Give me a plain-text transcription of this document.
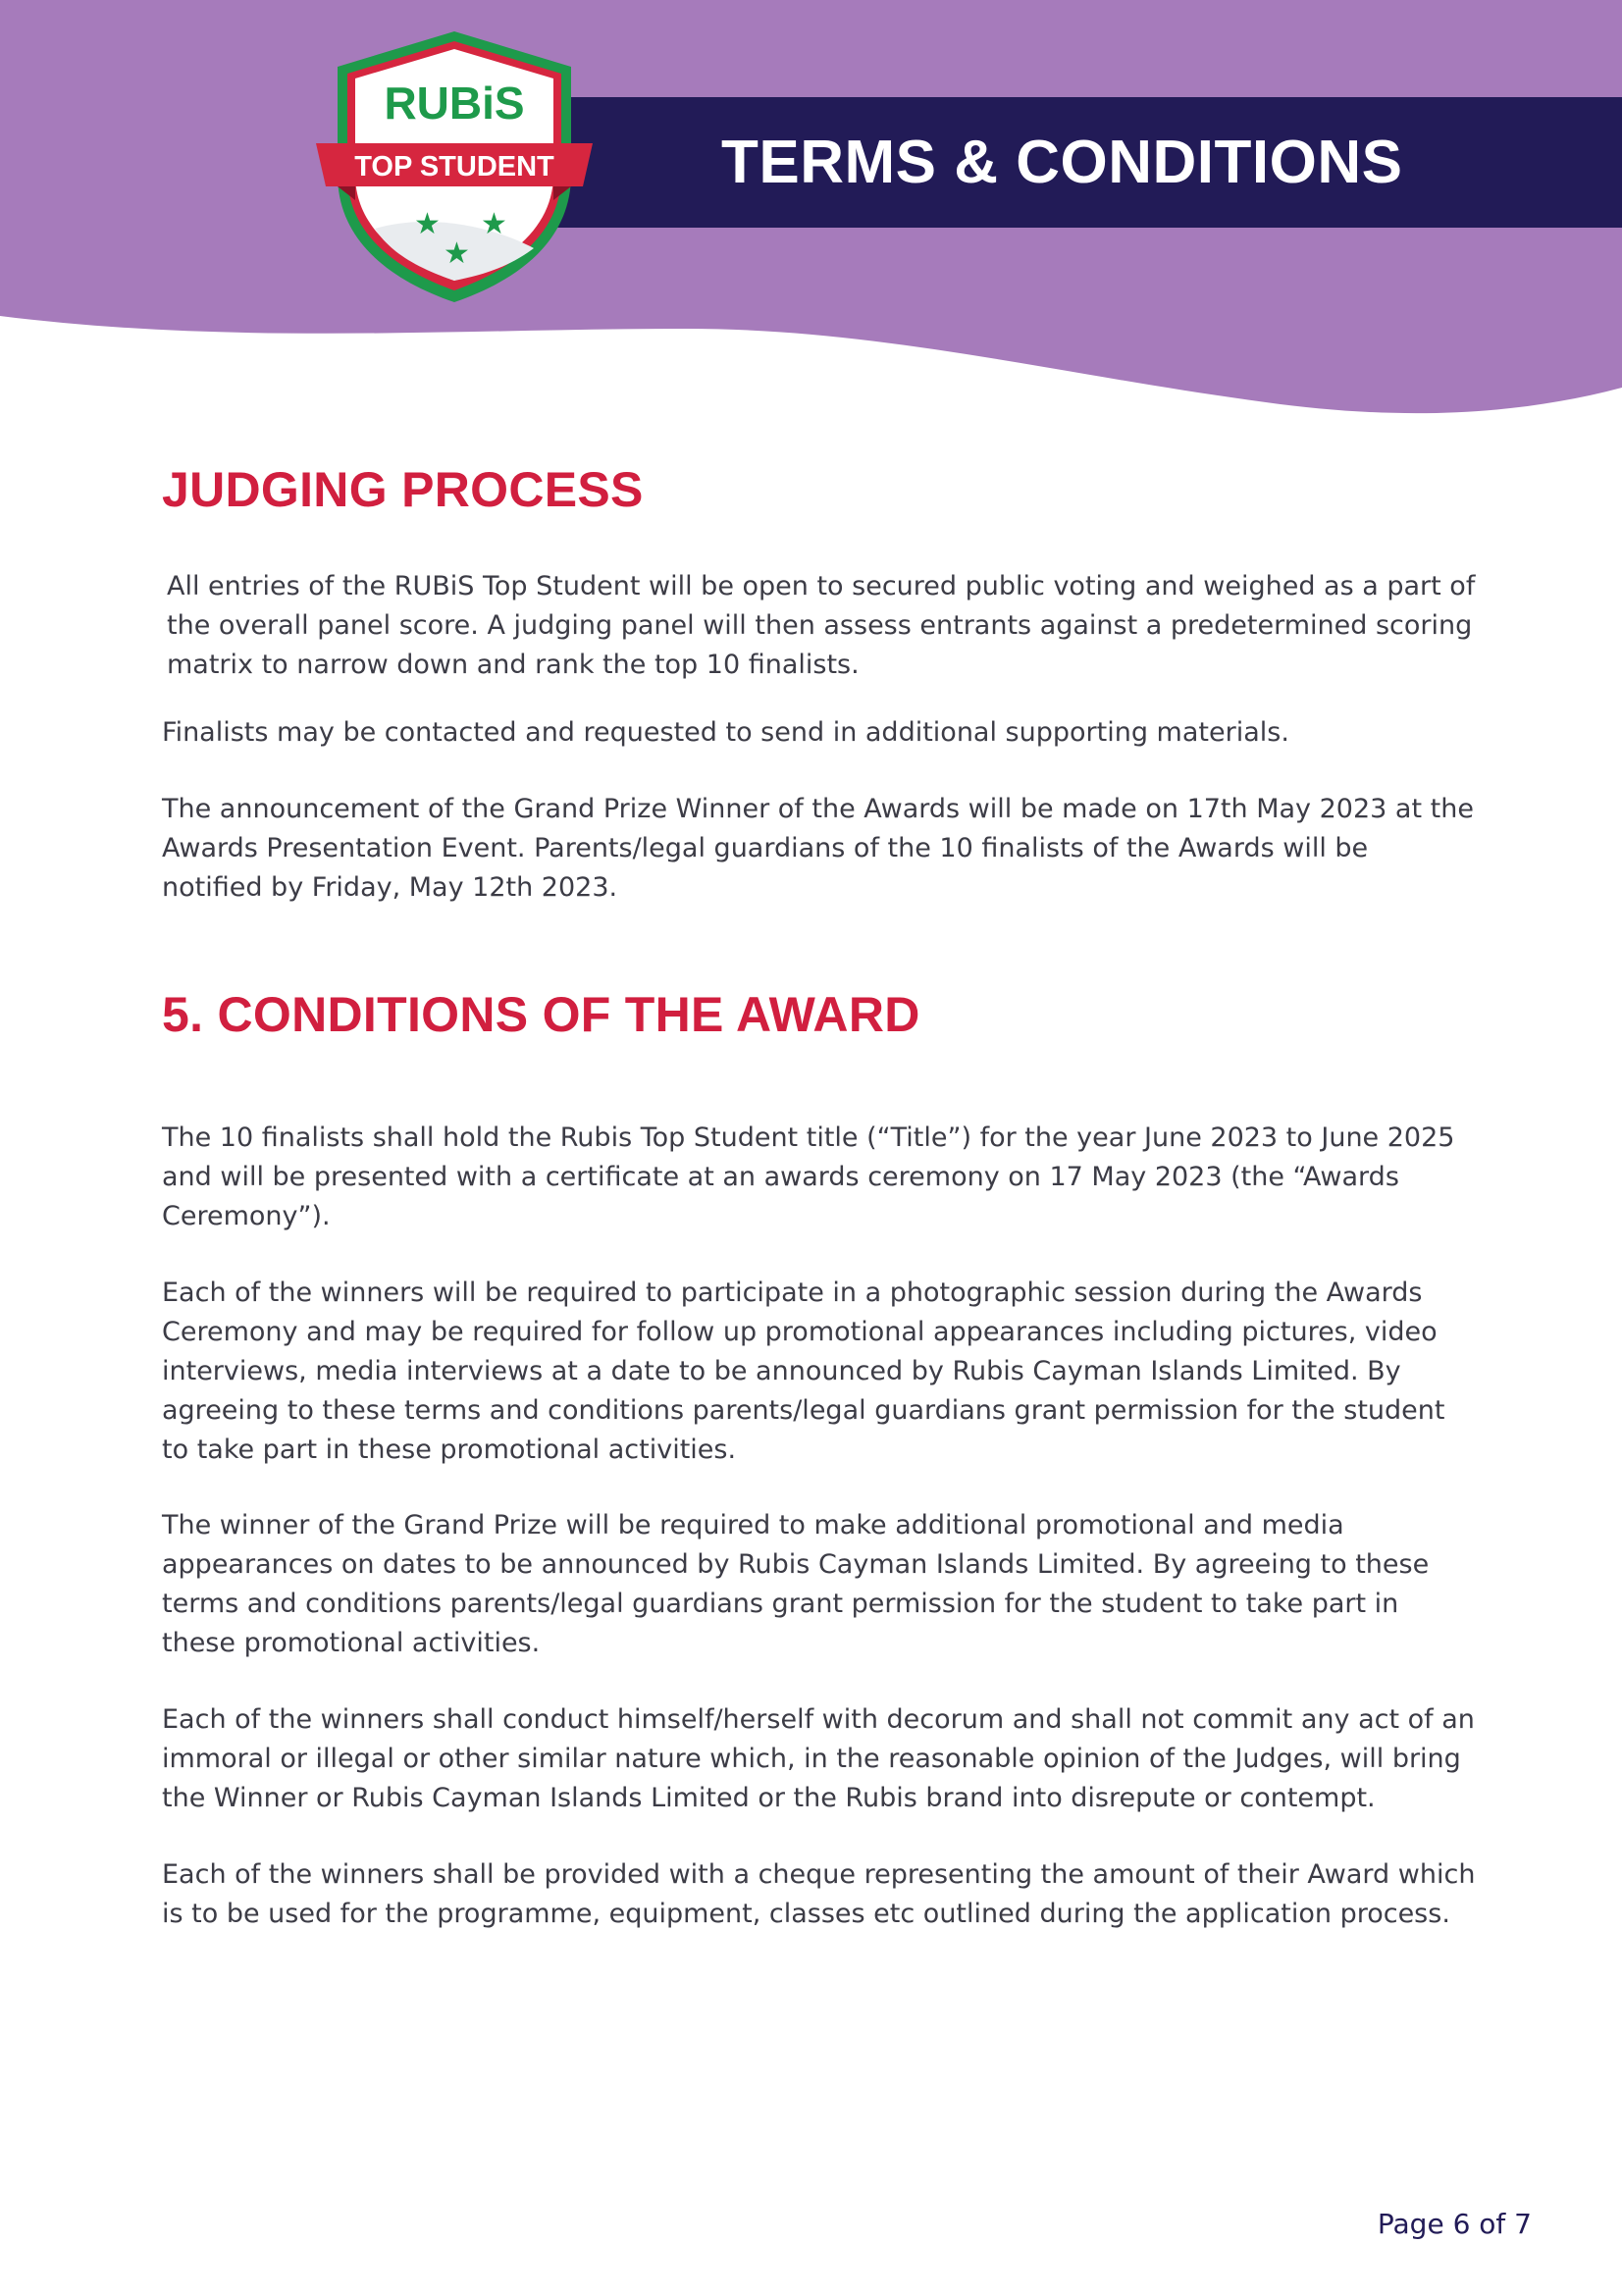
TERMS & CONDITIONS
RUBiS
TOP STUDENT
★ ★
★
JUDGING PROCESS

All entries of the RUBiS Top Student will be open to secured public voting and weighed as a part of the overall panel score. A judging panel will then assess entrants against a predetermined scoring matrix to narrow down and rank the top 10 finalists.

Finalists may be contacted and requested to send in additional supporting materials.

The announcement of the Grand Prize Winner of the Awards will be made on 17th May 2023 at the Awards Presentation Event. Parents/legal guardians of the 10 finalists of the Awards will be notified by Friday, May 12th 2023.

5. CONDITIONS OF THE AWARD

The 10 finalists shall hold the Rubis Top Student title (“Title”) for the year June 2023 to June 2025 and will be presented with a certificate at an awards ceremony on 17 May 2023 (the “Awards Ceremony”).

Each of the winners will be required to participate in a photographic session during the Awards Ceremony and may be required for follow up promotional appearances including pictures, video interviews, media interviews at a date to be announced by Rubis Cayman Islands Limited. By agreeing to these terms and conditions parents/legal guardians grant permission for the student to take part in these promotional activities.

The winner of the Grand Prize will be required to make additional promotional and media appearances on dates to be announced by Rubis Cayman Islands Limited. By agreeing to these terms and conditions parents/legal guardians grant permission for the student to take part in these promotional activities.

Each of the winners shall conduct himself/herself with decorum and shall not commit any act of an immoral or illegal or other similar nature which, in the reasonable opinion of the Judges, will bring the Winner or Rubis Cayman Islands Limited or the Rubis brand into disrepute or contempt.

Each of the winners shall be provided with a cheque representing the amount of their Award which is to be used for the programme, equipment, classes etc outlined during the application process.

Page 6 of 7
